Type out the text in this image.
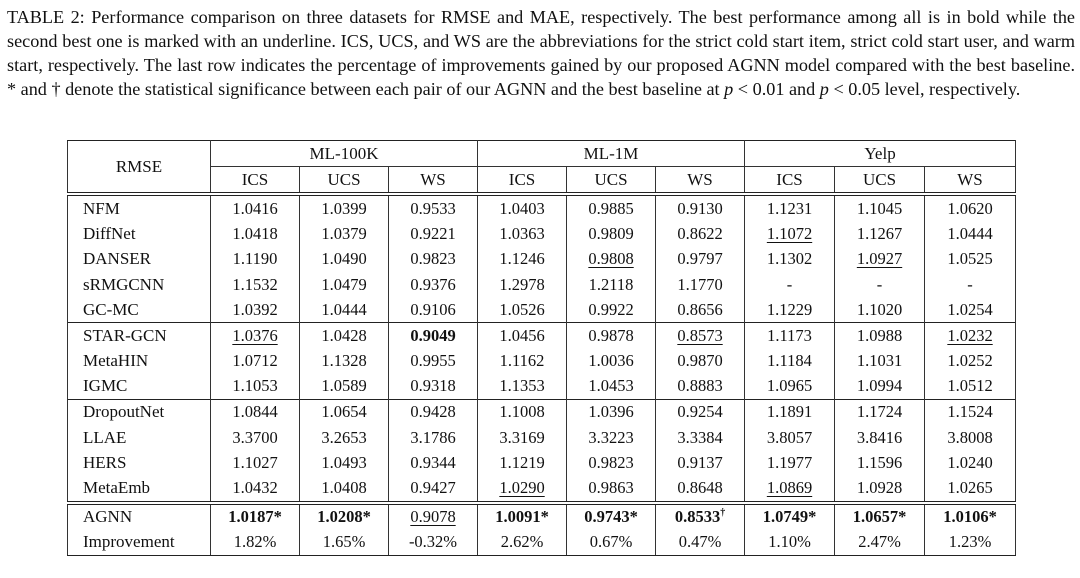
TABLE 2: Performance comparison on three datasets for RMSE and MAE, respectively. The best performance among all is in bold while the second best one is marked with an underline. ICS, UCS, and WS are the abbreviations for the strict cold start item, strict cold start user, and warm start, respectively. The last row indicates the percentage of improvements gained by our proposed AGNN model compared with the best baseline. * and † denote the statistical significance between each pair of our AGNN and the best baseline at p < 0.01 and p < 0.05 level, respectively.
RMSE	ML-100K			ML-1M			Yelp		
	ICS	UCS	WS	ICS	UCS	WS	ICS	UCS	WS
NFM	1.0416	1.0399	0.9533	1.0403	0.9885	0.9130	1.1231	1.1045	1.0620
DiffNet	1.0418	1.0379	0.9221	1.0363	0.9809	0.8622	1.1072	1.1267	1.0444
DANSER	1.1190	1.0490	0.9823	1.1246	0.9808	0.9797	1.1302	1.0927	1.0525
sRMGCNN	1.1532	1.0479	0.9376	1.2978	1.2118	1.1770	-	-	-
GC-MC	1.0392	1.0444	0.9106	1.0526	0.9922	0.8656	1.1229	1.1020	1.0254
STAR-GCN	1.0376	1.0428	0.9049	1.0456	0.9878	0.8573	1.1173	1.0988	1.0232
MetaHIN	1.0712	1.1328	0.9955	1.1162	1.0036	0.9870	1.1184	1.1031	1.0252
IGMC	1.1053	1.0589	0.9318	1.1353	1.0453	0.8883	1.0965	1.0994	1.0512
DropoutNet	1.0844	1.0654	0.9428	1.1008	1.0396	0.9254	1.1891	1.1724	1.1524
LLAE	3.3700	3.2653	3.1786	3.3169	3.3223	3.3384	3.8057	3.8416	3.8008
HERS	1.1027	1.0493	0.9344	1.1219	0.9823	0.9137	1.1977	1.1596	1.0240
MetaEmb	1.0432	1.0408	0.9427	1.0290	0.9863	0.8648	1.0869	1.0928	1.0265
AGNN	1.0187*	1.0208*	0.9078	1.0091*	0.9743*	0.8533†	1.0749*	1.0657*	1.0106*
Improvement	1.82%	1.65%	-0.32%	2.62%	0.67%	0.47%	1.10%	2.47%	1.23%
